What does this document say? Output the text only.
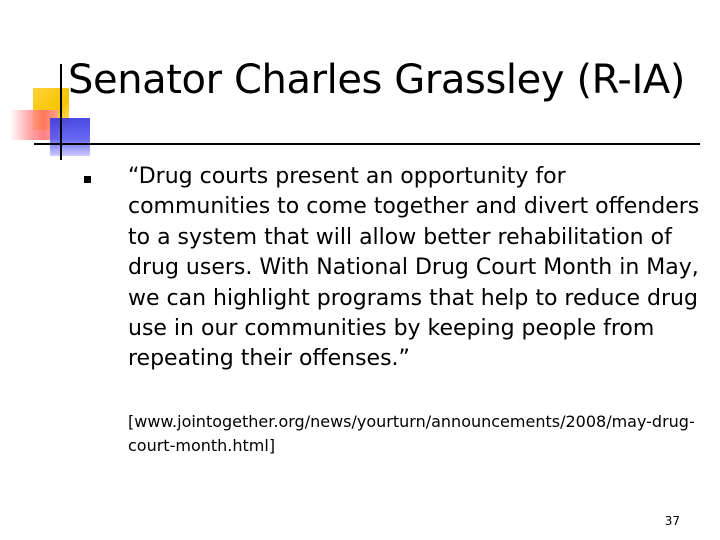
Senator Charles Grassley (R-IA)
“Drug courts present an opportunity for communities to come together and divert offenders to a system that will allow better rehabilitation of drug users. With National Drug Court Month in May, we can highlight programs that help to reduce drug use in our communities by keeping people from repeating their offenses.”
[www.jointogether.org/news/yourturn/announcements/2008/may-drug-court-month.html]
37
